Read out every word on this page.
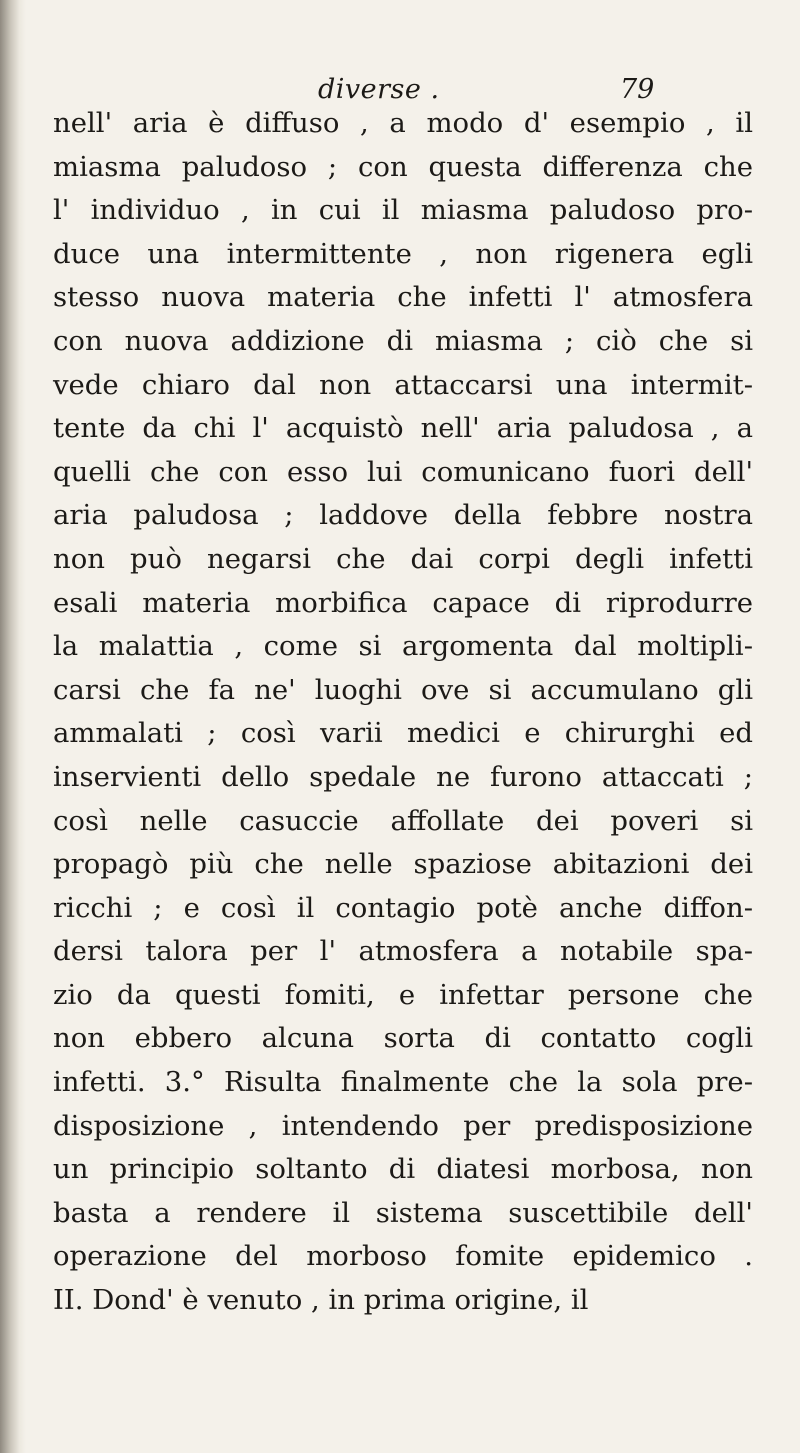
diverse .	79
nell' aria è diffuso , a modo d' esempio , il
miasma paludoso ; con questa differenza che
l' individuo , in cui il miasma paludoso pro-
duce una intermittente , non rigenera egli
stesso nuova materia che infetti l' atmosfera
con nuova addizione di miasma ; ciò che si
vede chiaro dal non attaccarsi una intermit-
tente da chi l' acquistò nell' aria paludosa , a
quelli che con esso lui comunicano fuori dell'
aria paludosa ; laddove della febbre nostra
non può negarsi che dai corpi degli infetti
esali materia morbifica capace di riprodurre
la malattia , come si argomenta dal moltipli-
carsi che fa ne' luoghi ove si accumulano gli
ammalati ; così varii medici e chirurghi ed
inservienti dello spedale ne furono attaccati ;
così nelle casuccie affollate dei poveri si
propagò più che nelle spaziose abitazioni dei
ricchi ; e così il contagio potè anche diffon-
dersi talora per l' atmosfera a notabile spa-
zio da questi fomiti, e infettar persone che
non ebbero alcuna sorta di contatto cogli
infetti. 3.° Risulta finalmente che la sola pre-
disposizione , intendendo per predisposizione
un principio soltanto di diatesi morbosa, non
basta a rendere il sistema suscettibile dell'
operazione del morboso fomite epidemico .
II. Dond' è venuto , in prima origine, il
